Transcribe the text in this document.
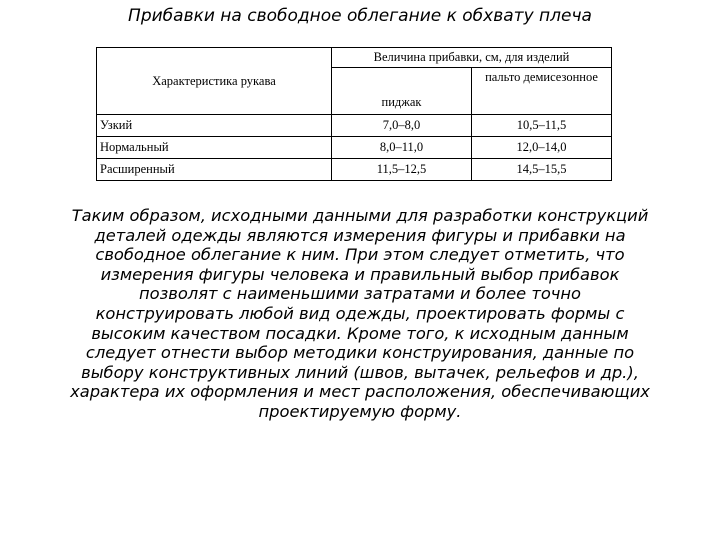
Прибавки на свободное облегание к обхвату плеча
Характеристика рукава	Величина прибавки, см, для изделий	
	пиджак	пальто демисезонное
Узкий	7,0–8,0	10,5–11,5
Нормальный	8,0–11,0	12,0–14,0
Расширенный	11,5–12,5	14,5–15,5
Таким образом, исходными данными для разработки конструкций
деталей одежды являются измерения фигуры и прибавки на
свободное облегание к ним. При этом следует отметить, что
измерения фигуры человека и правильный выбор прибавок
позволят с наименьшими затратами и более точно
конструировать любой вид одежды, проектировать формы с
высоким качеством посадки. Кроме того, к исходным данным
следует отнести выбор методики конструирования, данные по
выбору конструктивных линий (швов, вытачек, рельефов и др.),
характера их оформления и мест расположения, обеспечивающих
проектируемую форму.
